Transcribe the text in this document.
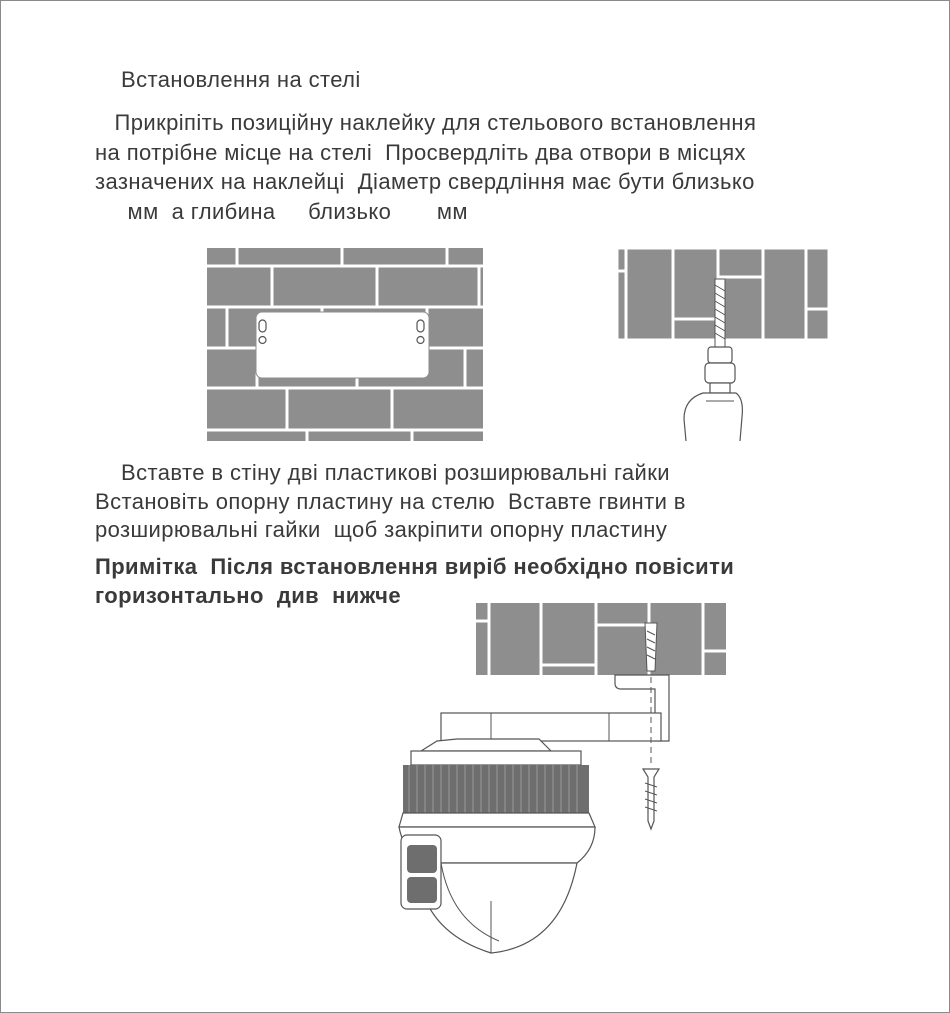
Встановлення на стелі

Прикріпіть позиційну наклейку для стельового встановлення
на потрібне місце на стелі  Просвердліть два отвори в місцях
зазначених на наклейці  Діаметр свердління має бути близько
мм  а глибина     близько       мм

Вставте в стіну дві пластикові розширювальні гайки
Встановіть опорну пластину на стелю  Вставте гвинти в
розширювальні гайки  щоб закріпити опорну пластину

Примітка  Після встановлення виріб необхідно повісити
горизонтально  див  нижче
